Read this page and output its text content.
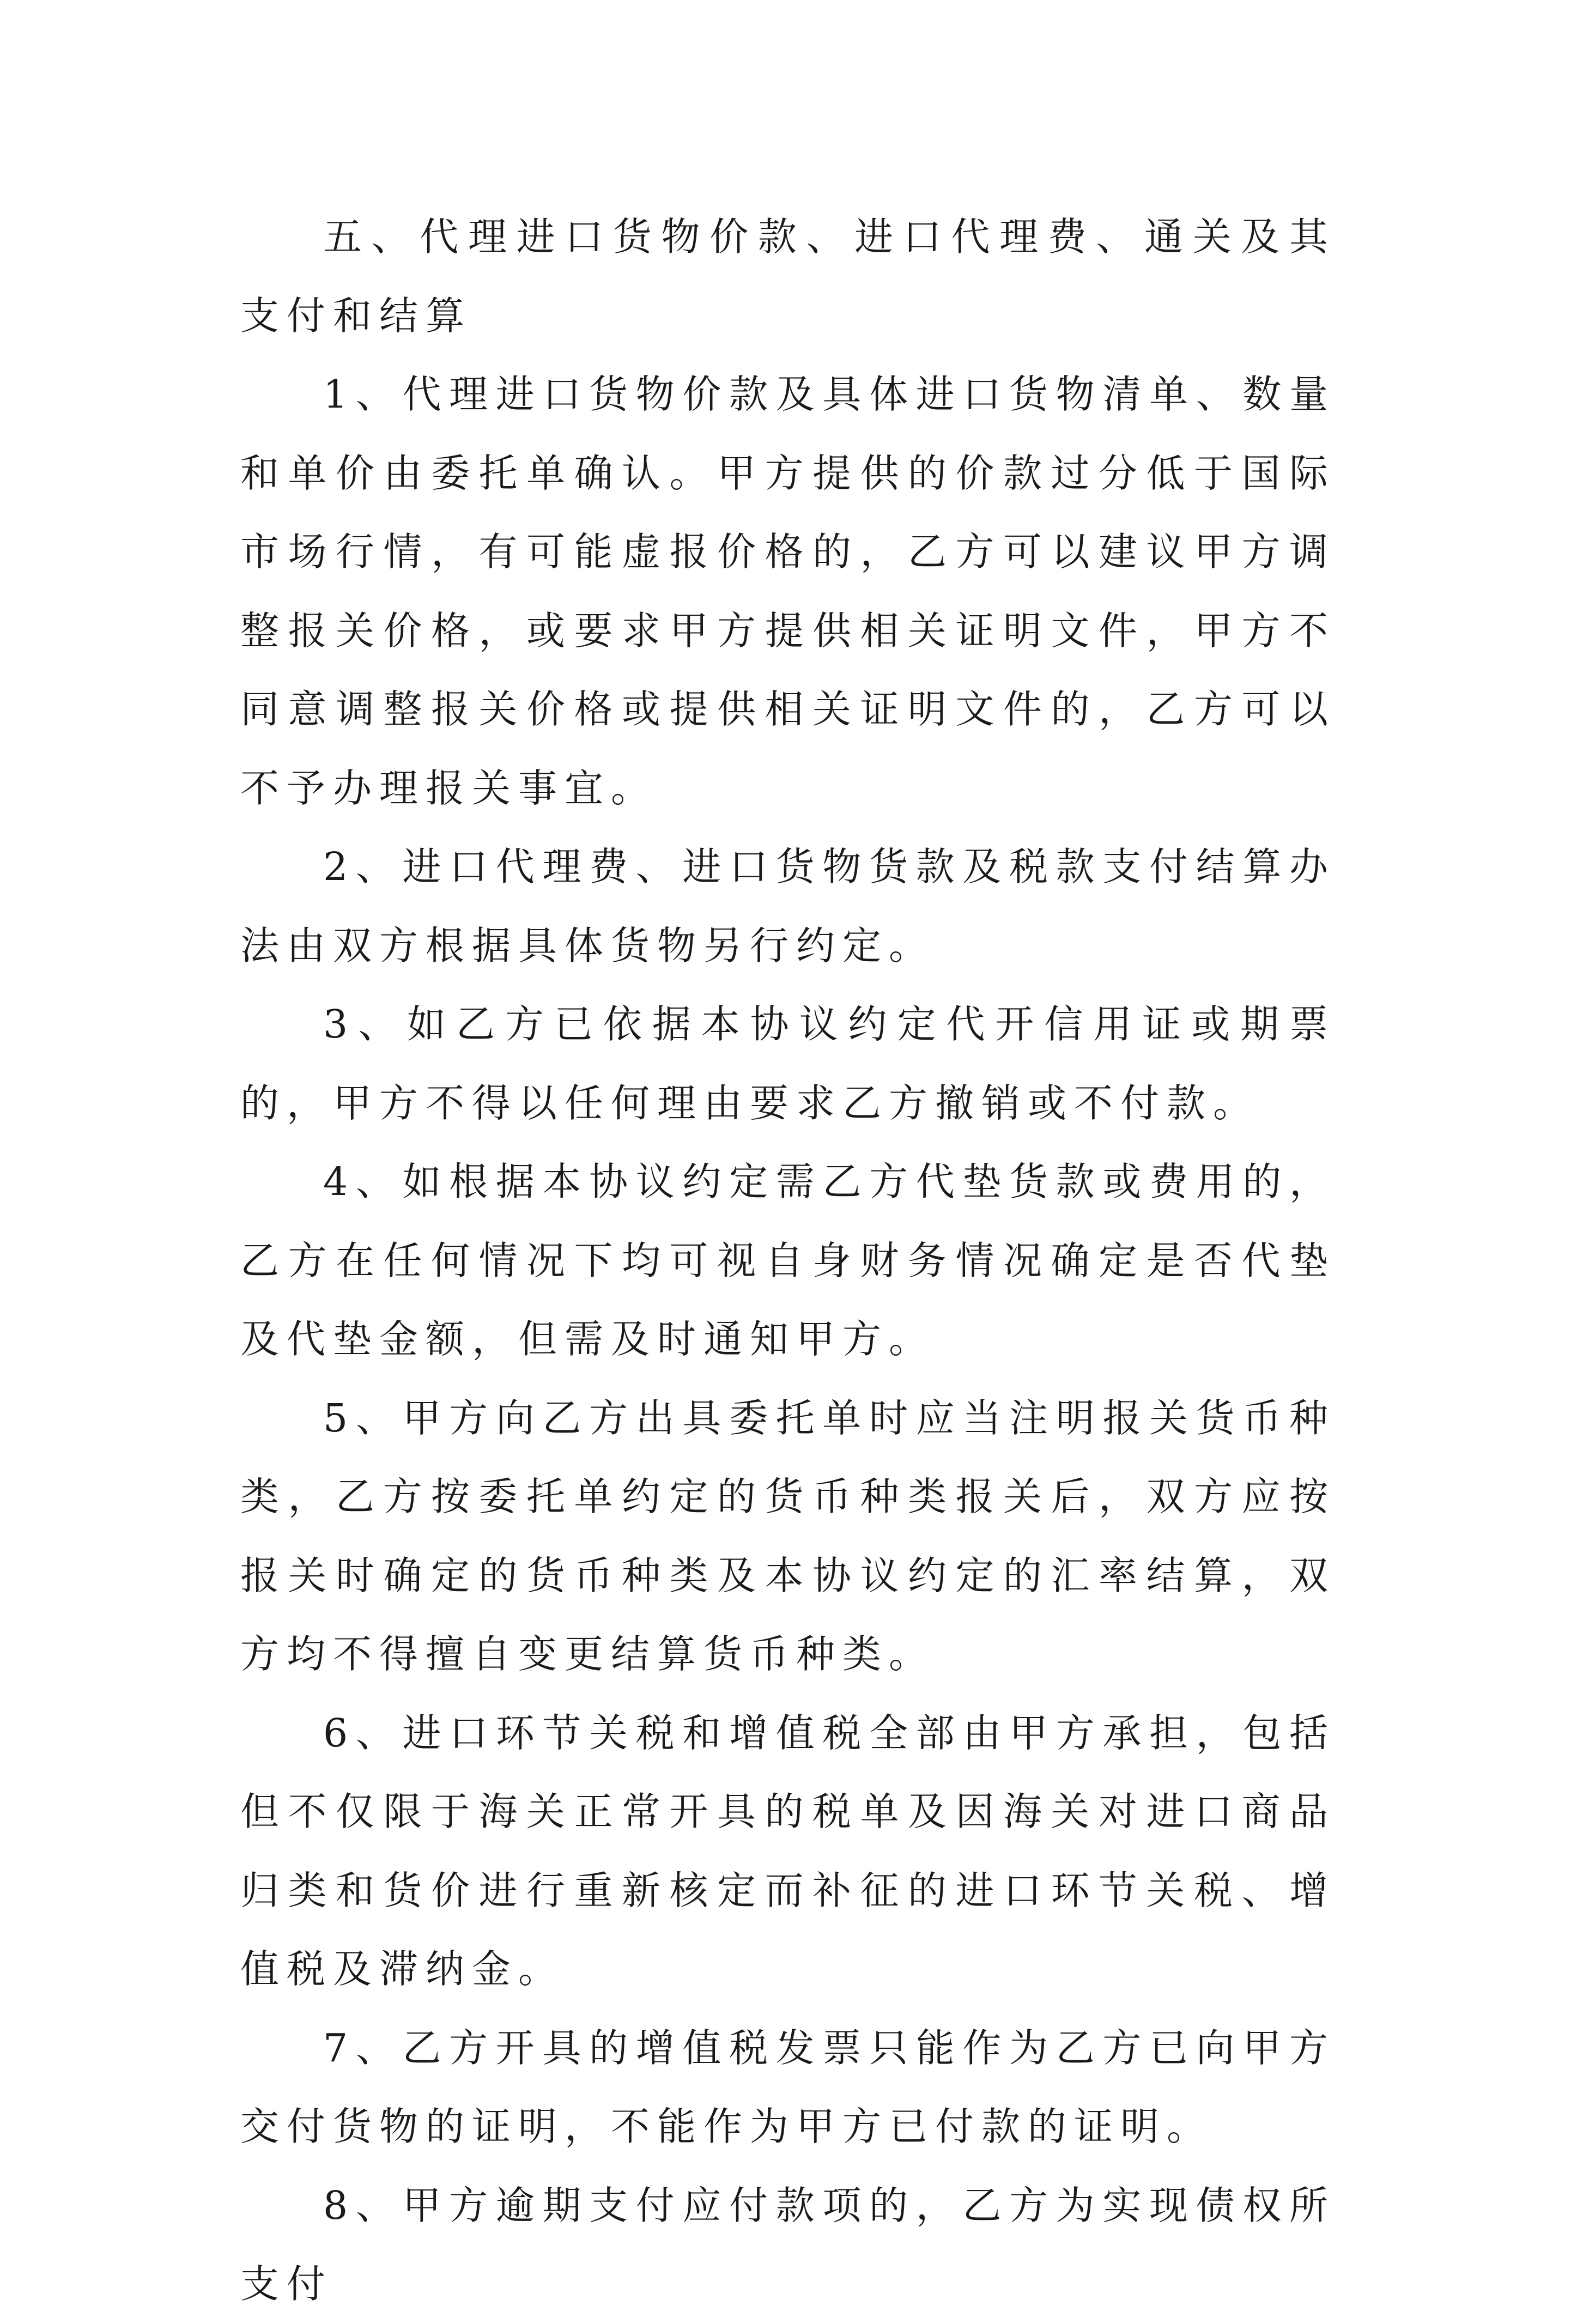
五、代理进口货物价款、进口代理费、通关及其支付和结算

1、代理进口货物价款及具体进口货物清单、数量和单价由委托单确认。甲方提供的价款过分低于国际市场行情，有可能虚报价格的，乙方可以建议甲方调整报关价格，或要求甲方提供相关证明文件，甲方不同意调整报关价格或提供相关证明文件的，乙方可以不予办理报关事宜。

2、进口代理费、进口货物货款及税款支付结算办法由双方根据具体货物另行约定。

3、如乙方已依据本协议约定代开信用证或期票的，甲方不得以任何理由要求乙方撤销或不付款。

4、如根据本协议约定需乙方代垫货款或费用的，乙方在任何情况下均可视自身财务情况确定是否代垫及代垫金额，但需及时通知甲方。

5、甲方向乙方出具委托单时应当注明报关货币种类，乙方按委托单约定的货币种类报关后，双方应按报关时确定的货币种类及本协议约定的汇率结算，双方均不得擅自变更结算货币种类。

6、进口环节关税和增值税全部由甲方承担，包括但不仅限于海关正常开具的税单及因海关对进口商品归类和货价进行重新核定而补征的进口环节关税、增值税及滞纳金。

7、乙方开具的增值税发票只能作为乙方已向甲方交付货物的证明，不能作为甲方已付款的证明。

8、甲方逾期支付应付款项的，乙方为实现债权所支付
